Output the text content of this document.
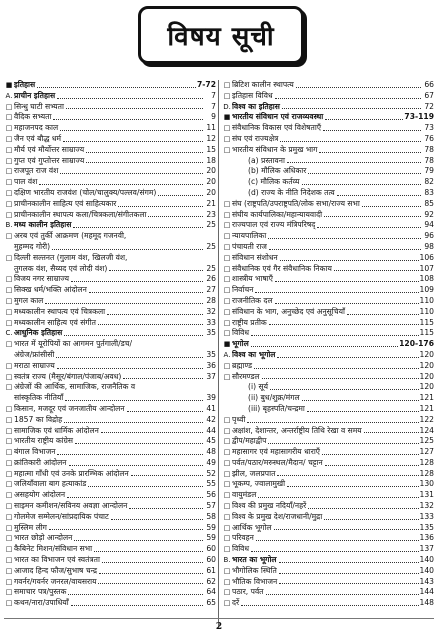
विषय सूची
■ इतिहास	7-72
A. प्राचीन इतिहास	7
□ सिन्धु घाटी सभ्यता	7
□ वैदिक सभ्यता	9
□ महाजनपद काल	11
□ जैन एवं बौद्ध धर्म	12
□ मौर्य एवं मौर्योत्तर साम्राज्य	15
□ गुप्त एवं गुप्तोत्तर साम्राज्य	18
□ राजपूत राज वंश	20
□ पाल वंश	20
□ दक्षिण भारतीय राजवंश (चोल/चालुक्य/पल्लव/संगम)	20
□ प्राचीनकालीन साहित्य एवं साहित्यकार	21
□ प्राचीनकालीन स्थापत्य कला/चित्रकला/संगीतकला	23
B. मध्य कालीन इतिहास	25
□ अरब एवं तुर्की आक्रमण (महमूद गजनवी,
मुहम्मद गोरी)	25
□ दिल्ली सल्तनत (गुलाम वंश, खिलजी वंश,
तुगलक वंश, सैय्यद एवं लोदी वंश)	25
□ विजय नगर साम्राज्य	26
□ सिक्ख धर्म/भक्ति आंदोलन	27
□ मुगल काल	28
□ मध्यकालीन स्थापत्य एवं चित्रकला	32
□ मध्यकालीन साहित्य एवं संगीत	33
C. आधुनिक इतिहास	35
□ भारत में यूरोपियों का आगमन पुर्तगाली/डच/
अंग्रेज/फ्रांसीसी	35
□ मराठा साम्राज्य	36
□ स्वतंत्र राज्य (मैसूर/बंगाल/पंजाब/अवध)	37
□ अंग्रेजों की आर्थिक, सामाजिक, राजनैतिक व
सांस्कृतिक नीतियाँ	39
□ किसान, मजदूर एवं जनजातीय आन्दोलन	41
□ 1857 का विद्रोह	42
□ सामाजिक एवं धार्मिक आंदोलन	44
□ भारतीय राष्ट्रीय कांग्रेस	45
□ बंगाल विभाजन	48
□ क्रांतिकारी आंदोलन	49
□ महात्मा गाँधी एवं उनके प्रारम्भिक आंदोलन	52
□ जलियाँवाला बाग हत्याकांड	55
□ असहयोग आंदोलन	56
□ साइमन कमीशन/सविनय अवज्ञा आन्दोलन	57
□ गोलमेज सम्मेलन/सांप्रदायिक पंचाट	58
□ मुस्लिम लीग	59
□ भारत छोड़ो आन्दोलन	59
□ कैबिनेट मिशन/संविधान सभा	60
□ भारत का विभाजन एवं स्वतंत्रता	60
□ आजाद हिन्द फौज/सुभाष चन्द्र	61
□ गवर्नर/गवर्नर जनरल/वायसराय	62
□ समाचार पत्र/पुस्तक	64
□ कथन/नारा/उपाधियाँ	65
□ ब्रिटिश कालीन स्थापत्य	66
□ इतिहास विविध	67
D. विश्व का इतिहास	72
■ भारतीय संविधान एवं राजव्यवस्था	73-119
□ संवैधानिक विकास एवं विशेषताएँ	73
□ संघ एवं राज्यक्षेत्र	76
□ भारतीय संविधान के प्रमुख भाग	78
(a) प्रस्तावना	78
(b) मौलिक अधिकार	79
(c) मौलिक कर्तव्य	82
(d) राज्य के नीति निदेशक तत्व	83
□ संघ (राष्ट्रपति/उपराष्ट्रपति/लोक सभा/राज्य सभा	85
□ संघीय कार्यपालिका/महान्यायवादी	92
□ राज्यपाल एवं राज्य मंत्रिपरिषद्	94
□ न्यायपालिका	96
□ पंचायती राज	98
□ संविधान संशोधन	106
□ संवैधानिक एवं गैर संवैधानिक निकाय	107
□ शास्त्रीय भाषाएँ	108
□ निर्वाचन	109
□ राजनीतिक दल	110
□ संविधान के भाग, अनुच्छेद एवं अनुसूचियाँ	110
□ राष्ट्रीय प्रतीक	115
□ विविध	115
■ भूगोल	120-176
A. विश्व का भूगोल	120
□ ब्रह्माण्ड	120
□ सौरमण्डल	120
(i) सूर्य	120
(ii) बुध/शुक्र/मंगल	121
(iii) बृहस्पति/चन्द्रमा	121
□ पृथ्वी	122
□ अक्षांश, देशान्तर, अन्तर्राष्ट्रीय तिथि रेखा व समय	124
□ द्वीप/महाद्वीप	125
□ महासागर एवं महासागरीय धाराएँ	127
□ पर्वत/पठार/मरुस्थल/मैदान/ चट्टान	128
□ झील, जलप्रपात	128
□ भूकम्प, ज्वालामुखी	130
□ वायुमंडल	131
□ विश्व की प्रमुख नदियाँ/नहरें	132
□ विश्व के प्रमुख देश/राजधानी/मुद्रा	133
□ आर्थिक भूगोल	135
□ परिवहन	136
□ विविध	137
B. भारत का भूगोल	140
□ भौगोलिक स्थिति	140
□ भौतिक विभाजन	143
□ पठार, पर्वत	144
□ दर्रे	148
2
